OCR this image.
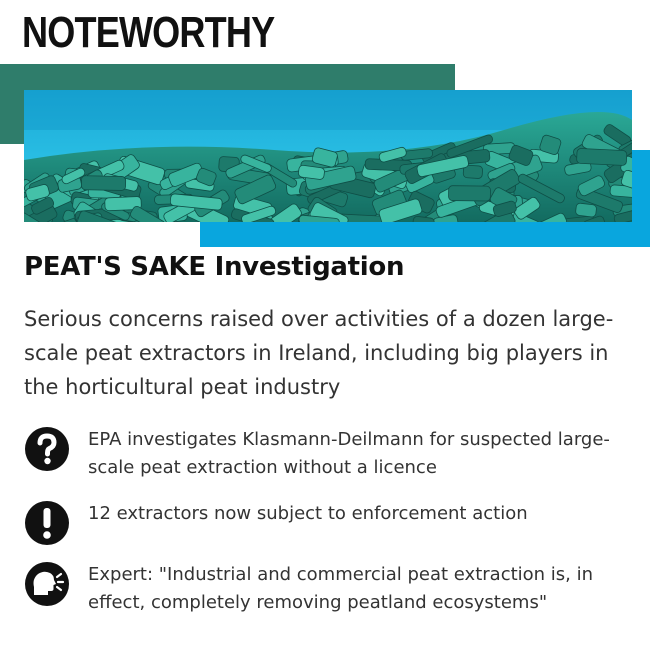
NOTEWORTHY
PEAT'S SAKE Investigation

Serious concerns raised over activities of a dozen large-scale peat extractors in Ireland, including big players in the horticultural peat industry

EPA investigates Klasmann-Deilmann for suspected large-scale peat extraction without a licence

12 extractors now subject to enforcement action

Expert: "Industrial and commercial peat extraction is, in effect, completely removing peatland ecosystems"
